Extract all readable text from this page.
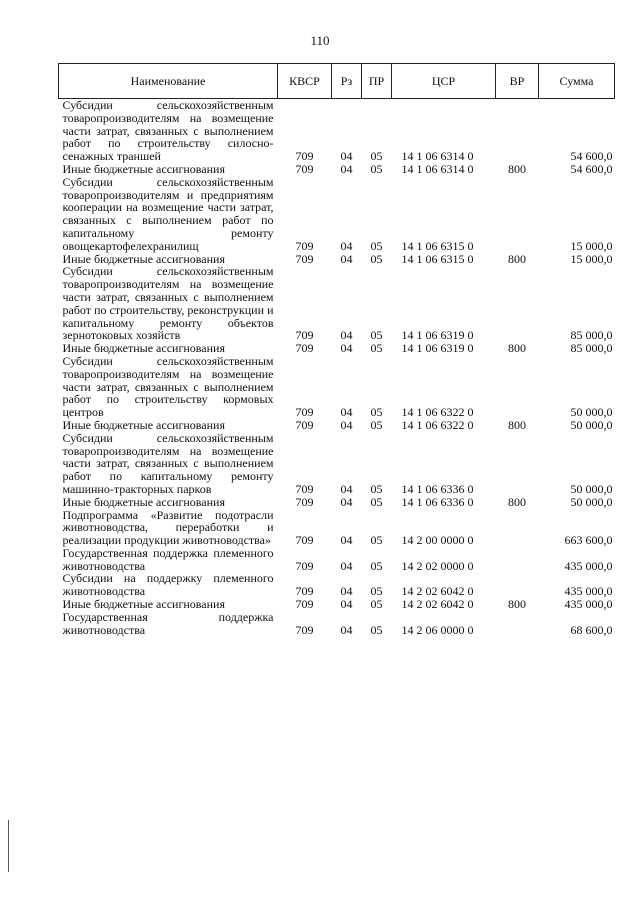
110
Наименование	КВСР	Рз	ПР	ЦСР	ВР	Сумма
Субсидии сельскохозяйственным товаропроизводителям на возмещение части затрат, связанных с выполнением работ по строительству силосно-сенажных траншей	709	04	05	14 1 06 6314 0		54 600,0
Иные бюджетные ассигнования	709	04	05	14 1 06 6314 0	800	54 600,0
Субсидии сельскохозяйственным товаропроизводителям и предприятиям кооперации на возмещение части затрат, связанных с выполнением работ по капитальному ремонту овощекартофелехранилищ	709	04	05	14 1 06 6315 0		15 000,0
Иные бюджетные ассигнования	709	04	05	14 1 06 6315 0	800	15 000,0
Субсидии сельскохозяйственным товаропроизводителям на возмещение части затрат, связанных с выполнением работ по строительству, реконструкции и капитальному ремонту объектов зернотоковых хозяйств	709	04	05	14 1 06 6319 0		85 000,0
Иные бюджетные ассигнования	709	04	05	14 1 06 6319 0	800	85 000,0
Субсидии сельскохозяйственным товаропроизводителям на возмещение части затрат, связанных с выполнением работ по строительству кормовых центров	709	04	05	14 1 06 6322 0		50 000,0
Иные бюджетные ассигнования	709	04	05	14 1 06 6322 0	800	50 000,0
Субсидии сельскохозяйственным товаропроизводителям на возмещение части затрат, связанных с выполнением работ по капитальному ремонту машинно-тракторных парков	709	04	05	14 1 06 6336 0		50 000,0
Иные бюджетные ассигнования	709	04	05	14 1 06 6336 0	800	50 000,0
Подпрограмма «Развитие подотрасли животноводства, переработки и реализации продукции животноводства»	709	04	05	14 2 00 0000 0		663 600,0
Государственная поддержка племенного животноводства	709	04	05	14 2 02 0000 0		435 000,0
Субсидии на поддержку племенного животноводства	709	04	05	14 2 02 6042 0		435 000,0
Иные бюджетные ассигнования	709	04	05	14 2 02 6042 0	800	435 000,0
Государственная поддержка животноводства	709	04	05	14 2 06 0000 0		68 600,0
